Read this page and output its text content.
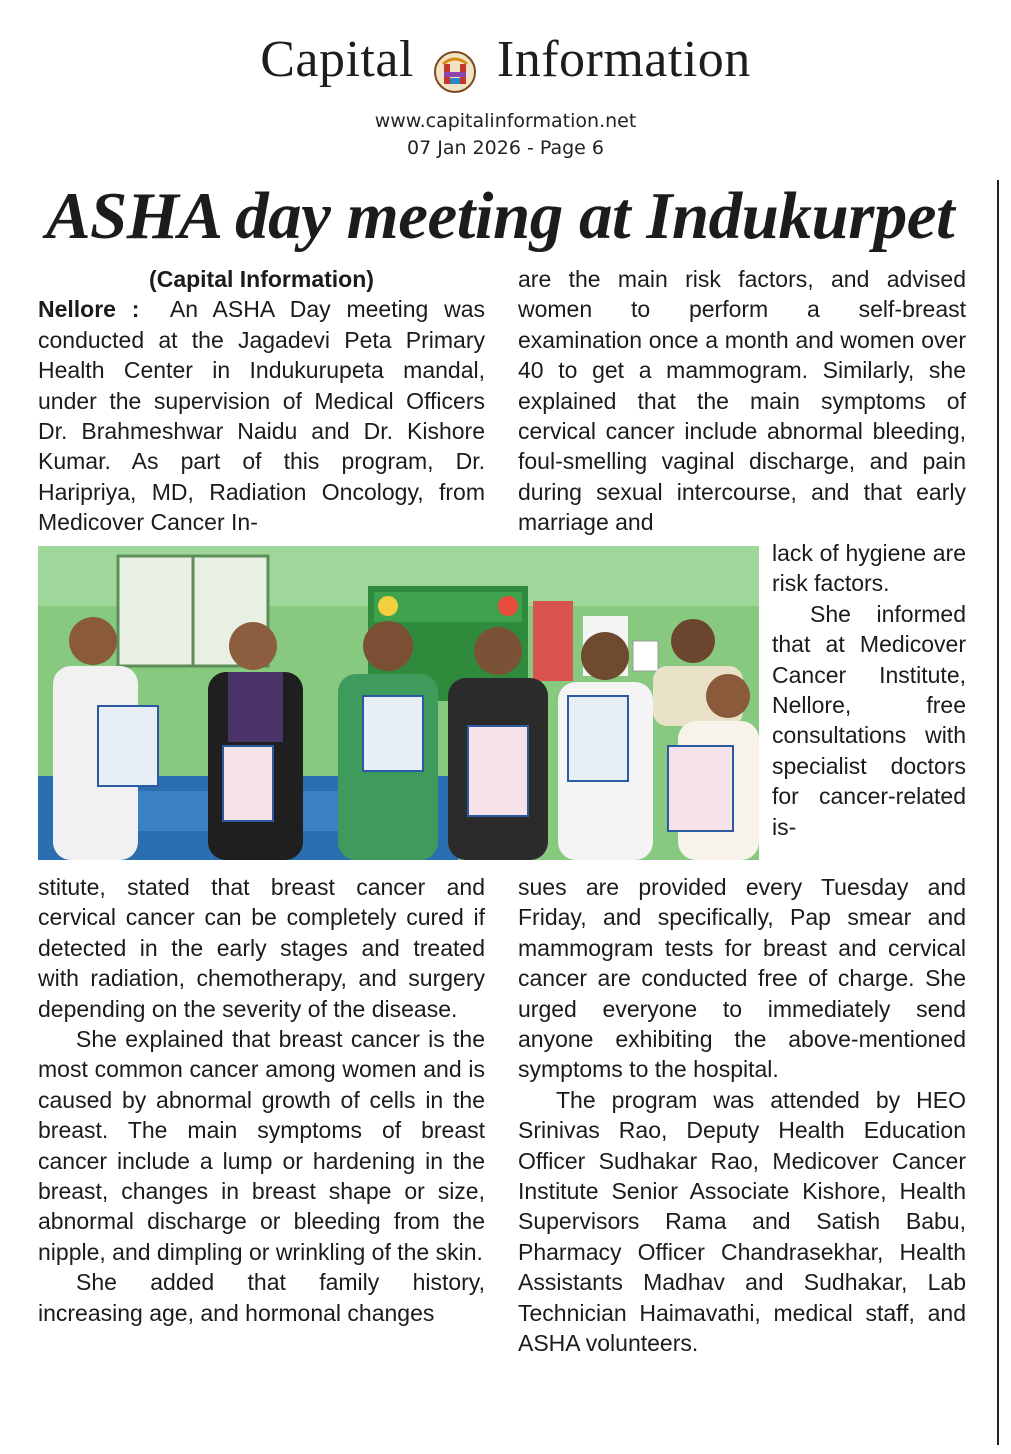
Capital Information
www.capitalinformation.net
07 Jan 2026 - Page 6
ASHA day meeting at Indukurpet

(Capital Information)

Nellore : An ASHA Day meeting was conducted at the Jagadevi Peta Primary Health Center in Indukurupeta mandal, under the supervision of Medical Officers Dr. Brahmeshwar Naidu and Dr. Kishore Kumar. As part of this program, Dr. Haripriya, MD, Radiation Oncology, from Medicover Cancer In-

are the main risk factors, and advised women to perform a self-breast examination once a month and women over 40 to get a mammogram. Similarly, she explained that the main symptoms of cervical cancer include abnormal bleeding, foul-smelling vaginal discharge, and pain during sexual intercourse, and that early marriage and

lack of hygiene are risk factors.

She informed that at Medicover Cancer Institute, Nellore, free consultations with specialist doctors for cancer-related is-

stitute, stated that breast cancer and cervical cancer can be completely cured if detected in the early stages and treated with radiation, chemotherapy, and surgery depending on the severity of the disease.

She explained that breast cancer is the most common cancer among women and is caused by abnormal growth of cells in the breast. The main symptoms of breast cancer include a lump or hardening in the breast, changes in breast shape or size, abnormal discharge or bleeding from the nipple, and dimpling or wrinkling of the skin.

She added that family history, increasing age, and hormonal changes

sues are provided every Tuesday and Friday, and specifically, Pap smear and mammogram tests for breast and cervical cancer are conducted free of charge. She urged everyone to immediately send anyone exhibiting the above-mentioned symptoms to the hospital.

The program was attended by HEO Srinivas Rao, Deputy Health Education Officer Sudhakar Rao, Medicover Cancer Institute Senior Associate Kishore, Health Supervisors Rama and Satish Babu, Pharmacy Officer Chandrasekhar, Health Assistants Madhav and Sudhakar, Lab Technician Haimavathi, medical staff, and ASHA volunteers.
